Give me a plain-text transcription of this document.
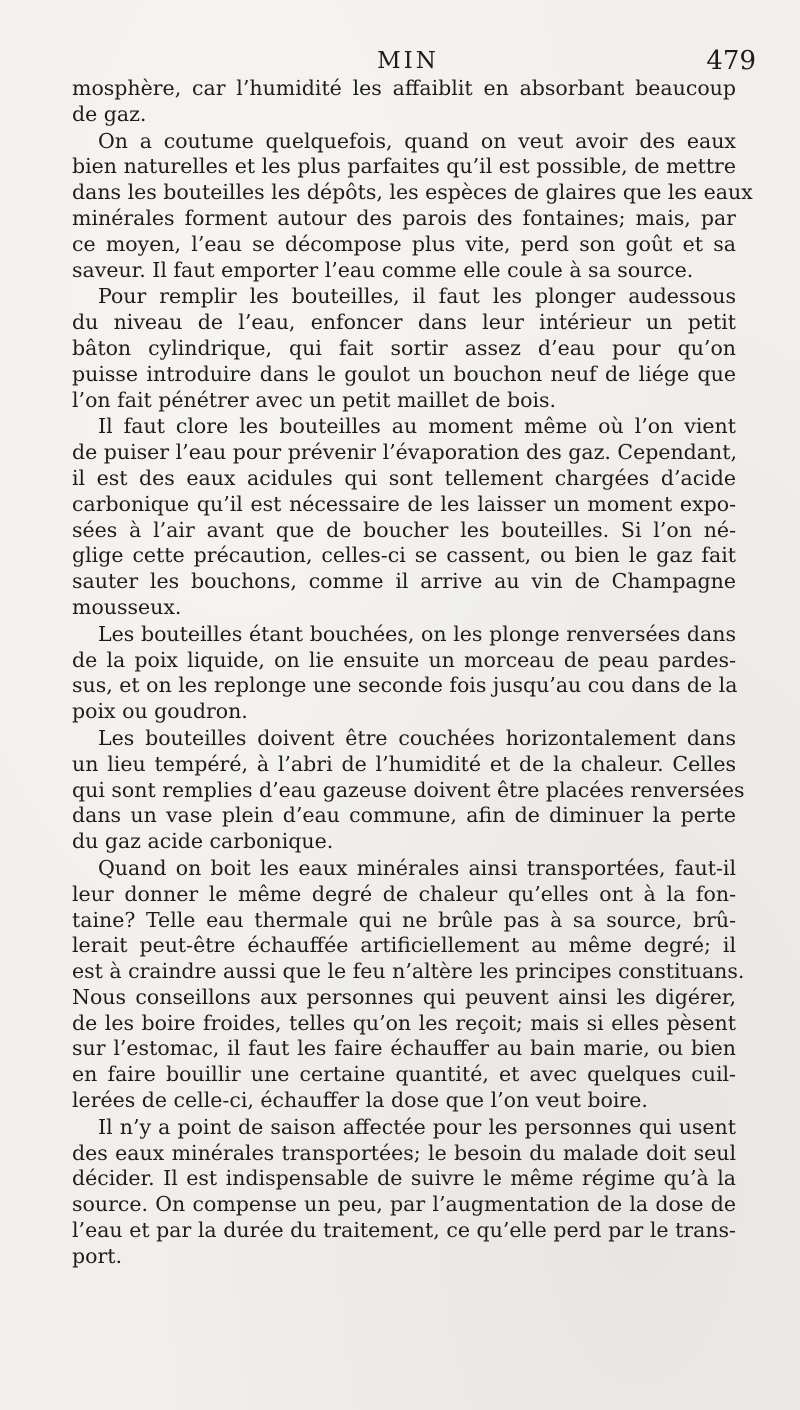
MIN	479
mosphère, car l’humidité les affaiblit en absorbant beaucoup
de gaz.
On a coutume quelquefois, quand on veut avoir des eaux
bien naturelles et les plus parfaites qu’il est possible, de mettre
dans les bouteilles les dépôts, les espèces de glaires que les eaux
minérales forment autour des parois des fontaines; mais, par
ce moyen, l’eau se décompose plus vite, perd son goût et sa
saveur. Il faut emporter l’eau comme elle coule à sa source.
Pour remplir les bouteilles, il faut les plonger audessous
du niveau de l’eau, enfoncer dans leur intérieur un petit
bâton cylindrique, qui fait sortir assez d’eau pour qu’on
puisse introduire dans le goulot un bouchon neuf de liége que
l’on fait pénétrer avec un petit maillet de bois.
Il faut clore les bouteilles au moment même où l’on vient
de puiser l’eau pour prévenir l’évaporation des gaz. Cependant,
il est des eaux acidules qui sont tellement chargées d’acide
carbonique qu’il est nécessaire de les laisser un moment expo-
sées à l’air avant que de boucher les bouteilles. Si l’on né-
glige cette précaution, celles-ci se cassent, ou bien le gaz fait
sauter les bouchons, comme il arrive au vin de Champagne
mousseux.
Les bouteilles étant bouchées, on les plonge renversées dans
de la poix liquide, on lie ensuite un morceau de peau pardes-
sus, et on les replonge une seconde fois jusqu’au cou dans de la
poix ou goudron.
Les bouteilles doivent être couchées horizontalement dans
un lieu tempéré, à l’abri de l’humidité et de la chaleur. Celles
qui sont remplies d’eau gazeuse doivent être placées renversées
dans un vase plein d’eau commune, afin de diminuer la perte
du gaz acide carbonique.
Quand on boit les eaux minérales ainsi transportées, faut-il
leur donner le même degré de chaleur qu’elles ont à la fon-
taine? Telle eau thermale qui ne brûle pas à sa source, brû-
lerait peut-être échauffée artificiellement au même degré; il
est à craindre aussi que le feu n’altère les principes constituans.
Nous conseillons aux personnes qui peuvent ainsi les digérer,
de les boire froides, telles qu’on les reçoit; mais si elles pèsent
sur l’estomac, il faut les faire échauffer au bain marie, ou bien
en faire bouillir une certaine quantité, et avec quelques cuil-
lerées de celle-ci, échauffer la dose que l’on veut boire.
Il n’y a point de saison affectée pour les personnes qui usent
des eaux minérales transportées; le besoin du malade doit seul
décider. Il est indispensable de suivre le même régime qu’à la
source. On compense un peu, par l’augmentation de la dose de
l’eau et par la durée du traitement, ce qu’elle perd par le trans-
port.
